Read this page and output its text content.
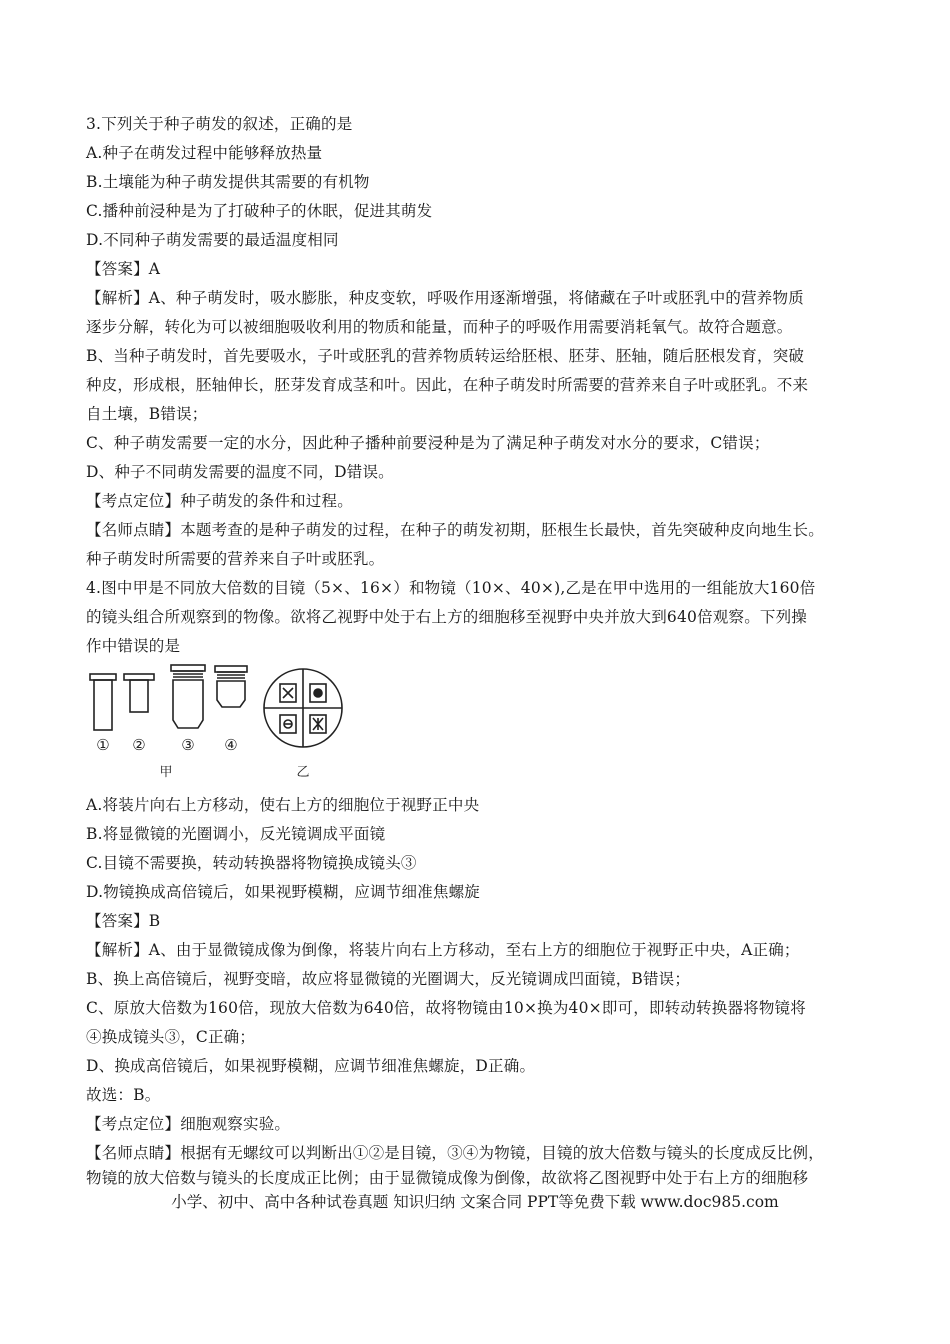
3.下列关于种子萌发的叙述，正确的是
A.种子在萌发过程中能够释放热量
B.土壤能为种子萌发提供其需要的有机物
C.播种前浸种是为了打破种子的休眠，促进其萌发
D.不同种子萌发需要的最适温度相同
【答案】A
【解析】A、种子萌发时，吸水膨胀，种皮变软，呼吸作用逐渐增强，将储藏在子叶或胚乳中的营养物质
逐步分解，转化为可以被细胞吸收利用的物质和能量，而种子的呼吸作用需要消耗氧气。故符合题意。
B、当种子萌发时，首先要吸水，子叶或胚乳的营养物质转运给胚根、胚芽、胚轴，随后胚根发育，突破
种皮，形成根，胚轴伸长，胚芽发育成茎和叶。因此，在种子萌发时所需要的营养来自子叶或胚乳。不来
自土壤，B错误；
C、种子萌发需要一定的水分，因此种子播种前要浸种是为了满足种子萌发对水分的要求，C错误；
D、种子不同萌发需要的温度不同，D错误。
【考点定位】种子萌发的条件和过程。
【名师点睛】本题考查的是种子萌发的过程，在种子的萌发初期，胚根生长最快，首先突破种皮向地生长。
种子萌发时所需要的营养来自子叶或胚乳。
4.图中甲是不同放大倍数的目镜（5×、16×）和物镜（10×、40×),乙是在甲中选用的一组能放大160倍
的镜头组合所观察到的物像。欲将乙视野中处于右上方的细胞移至视野中央并放大到640倍观察。下列操
作中错误的是
① ② ③ ④
甲	乙
A.将装片向右上方移动，使右上方的细胞位于视野正中央
B.将显微镜的光圈调小，反光镜调成平面镜
C.目镜不需要换，转动转换器将物镜换成镜头③
D.物镜换成高倍镜后，如果视野模糊，应调节细准焦螺旋
【答案】B
【解析】A、由于显微镜成像为倒像，将装片向右上方移动，至右上方的细胞位于视野正中央，A正确；
B、换上高倍镜后，视野变暗，故应将显微镜的光圈调大，反光镜调成凹面镜，B错误；
C、原放大倍数为160倍，现放大倍数为640倍，故将物镜由10×换为40×即可，即转动转换器将物镜将
④换成镜头③，C正确；
D、换成高倍镜后，如果视野模糊，应调节细准焦螺旋，D正确。
故选：B。
【考点定位】细胞观察实验。
【名师点睛】根据有无螺纹可以判断出①②是目镜，③④为物镜，目镜的放大倍数与镜头的长度成反比例，
物镜的放大倍数与镜头的长度成正比例；由于显微镜成像为倒像，故欲将乙图视野中处于右上方的细胞移
小学、初中、高中各种试卷真题 知识归纳 文案合同 PPT等免费下载 www.doc985.com
